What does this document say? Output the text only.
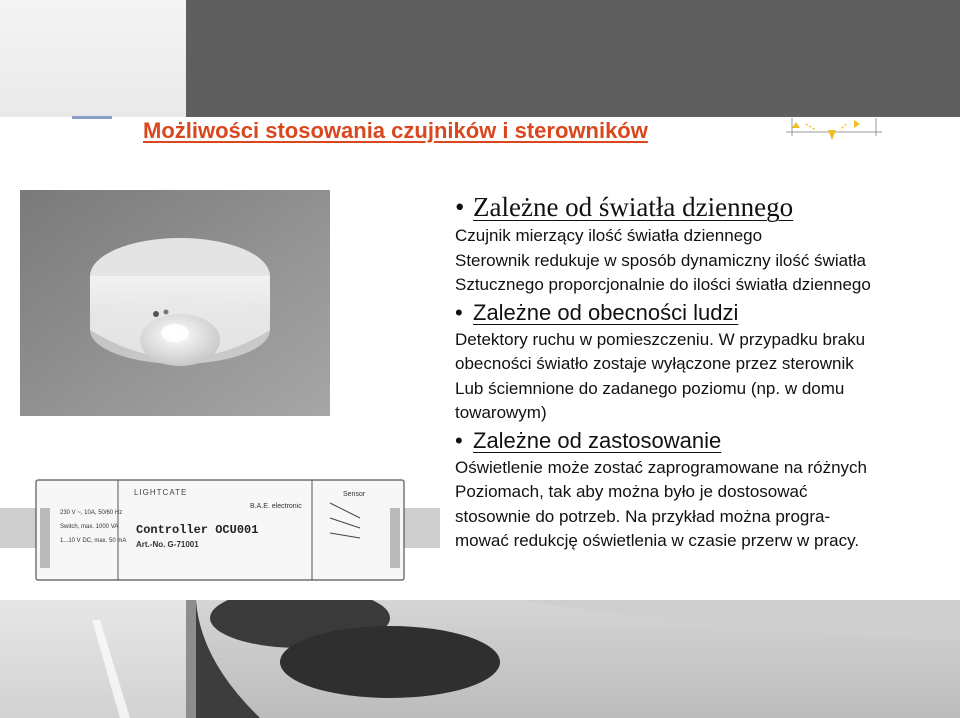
Możliwości stosowania czujników i sterowników
LIGHTCATE
B.A.E. electronic
Controller OCU001
Art.-No. G-71001
Sensor
230 V ~, 10A, 50/60 Hz
Switch, max. 1000 VA
1...10 V DC, max. 50 mA
• Zależne od światła dziennego
Czujnik mierzący ilość światła dziennego
Sterownik redukuje w sposób dynamiczny ilość światła
Sztucznego proporcjonalnie do ilości światła dziennego
• Zależne od obecności ludzi
Detektory ruchu w pomieszczeniu. W przypadku braku
obecności światło zostaje wyłączone przez sterownik
Lub ściemnione do zadanego poziomu (np. w domu
towarowym)
• Zależne od zastosowanie
Oświetlenie może zostać zaprogramowane na różnych
Poziomach, tak aby można było je dostosować
stosownie do potrzeb. Na przykład można progra-
mować redukcję oświetlenia w czasie przerw w pracy.
